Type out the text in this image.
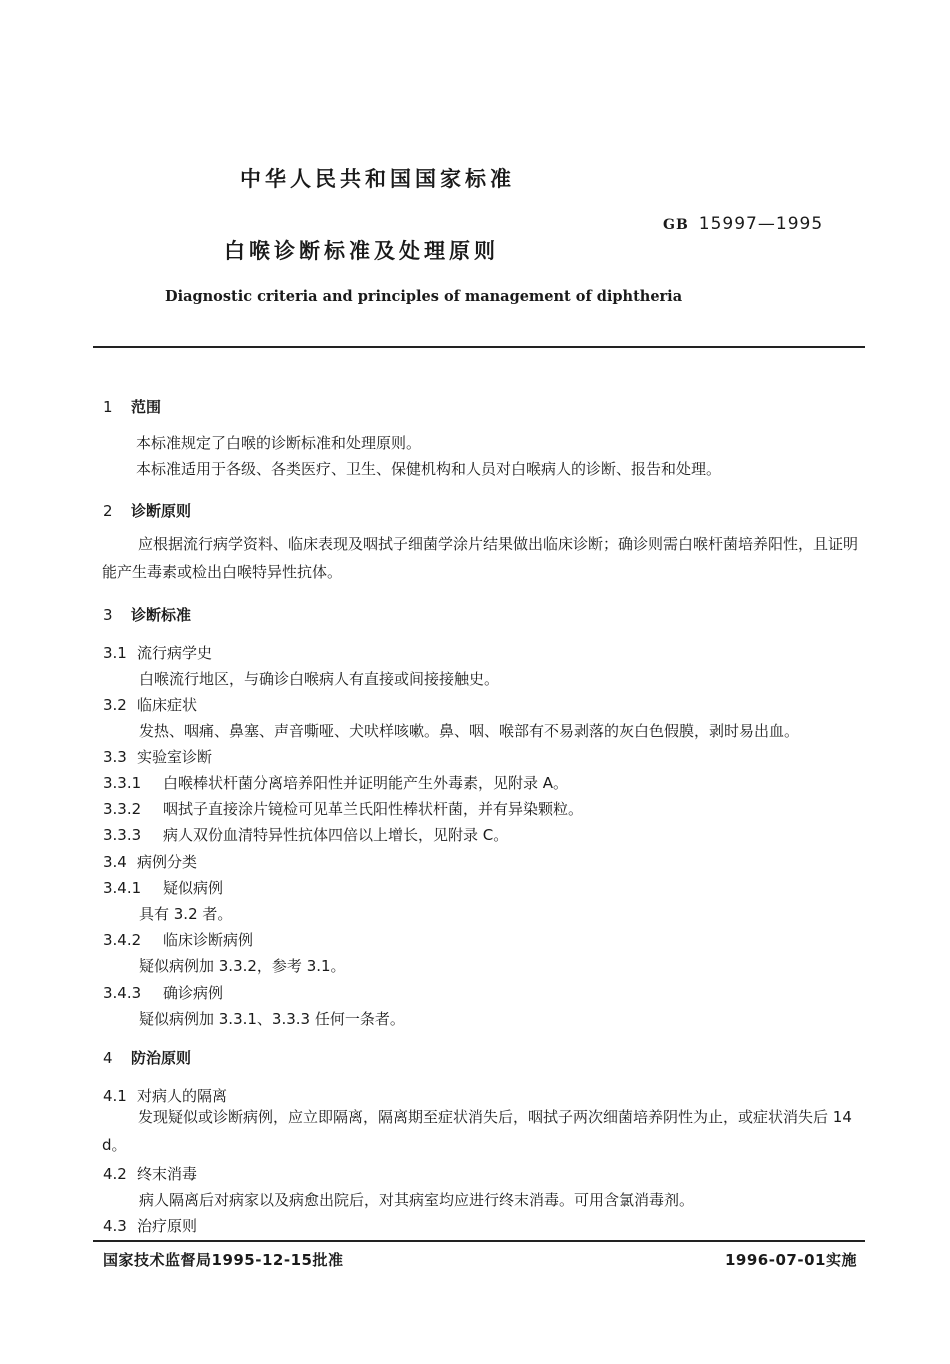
中华人民共和国国家标准
GB 15997—1995
白喉诊断标准及处理原则
Diagnostic criteria and principles of management of diphtheria
1 范围
本标准规定了白喉的诊断标准和处理原则。
本标准适用于各级、各类医疗、卫生、保健机构和人员对白喉病人的诊断、报告和处理。
2 诊断原则
应根据流行病学资料、临床表现及咽拭子细菌学涂片结果做出临床诊断；确诊则需白喉杆菌培养阳性，且证明能产生毒素或检出白喉特异性抗体。
3 诊断标准
3.1 流行病学史
白喉流行地区，与确诊白喉病人有直接或间接接触史。
3.2 临床症状
发热、咽痛、鼻塞、声音嘶哑、犬吠样咳嗽。鼻、咽、喉部有不易剥落的灰白色假膜，剥时易出血。
3.3 实验室诊断
3.3.1 白喉棒状杆菌分离培养阳性并证明能产生外毒素，见附录 A。
3.3.2 咽拭子直接涂片镜检可见革兰氏阳性棒状杆菌，并有异染颗粒。
3.3.3 病人双份血清特异性抗体四倍以上增长，见附录 C。
3.4 病例分类
3.4.1 疑似病例
具有 3.2 者。
3.4.2 临床诊断病例
疑似病例加 3.3.2，参考 3.1。
3.4.3 确诊病例
疑似病例加 3.3.1、3.3.3 任何一条者。
4 防治原则
4.1 对病人的隔离
发现疑似或诊断病例，应立即隔离，隔离期至症状消失后，咽拭子两次细菌培养阴性为止，或症状消失后 14 d。
4.2 终末消毒
病人隔离后对病家以及病愈出院后，对其病室均应进行终末消毒。可用含氯消毒剂。
4.3 治疗原则
国家技术监督局1995-12-15批准	1996-07-01实施
